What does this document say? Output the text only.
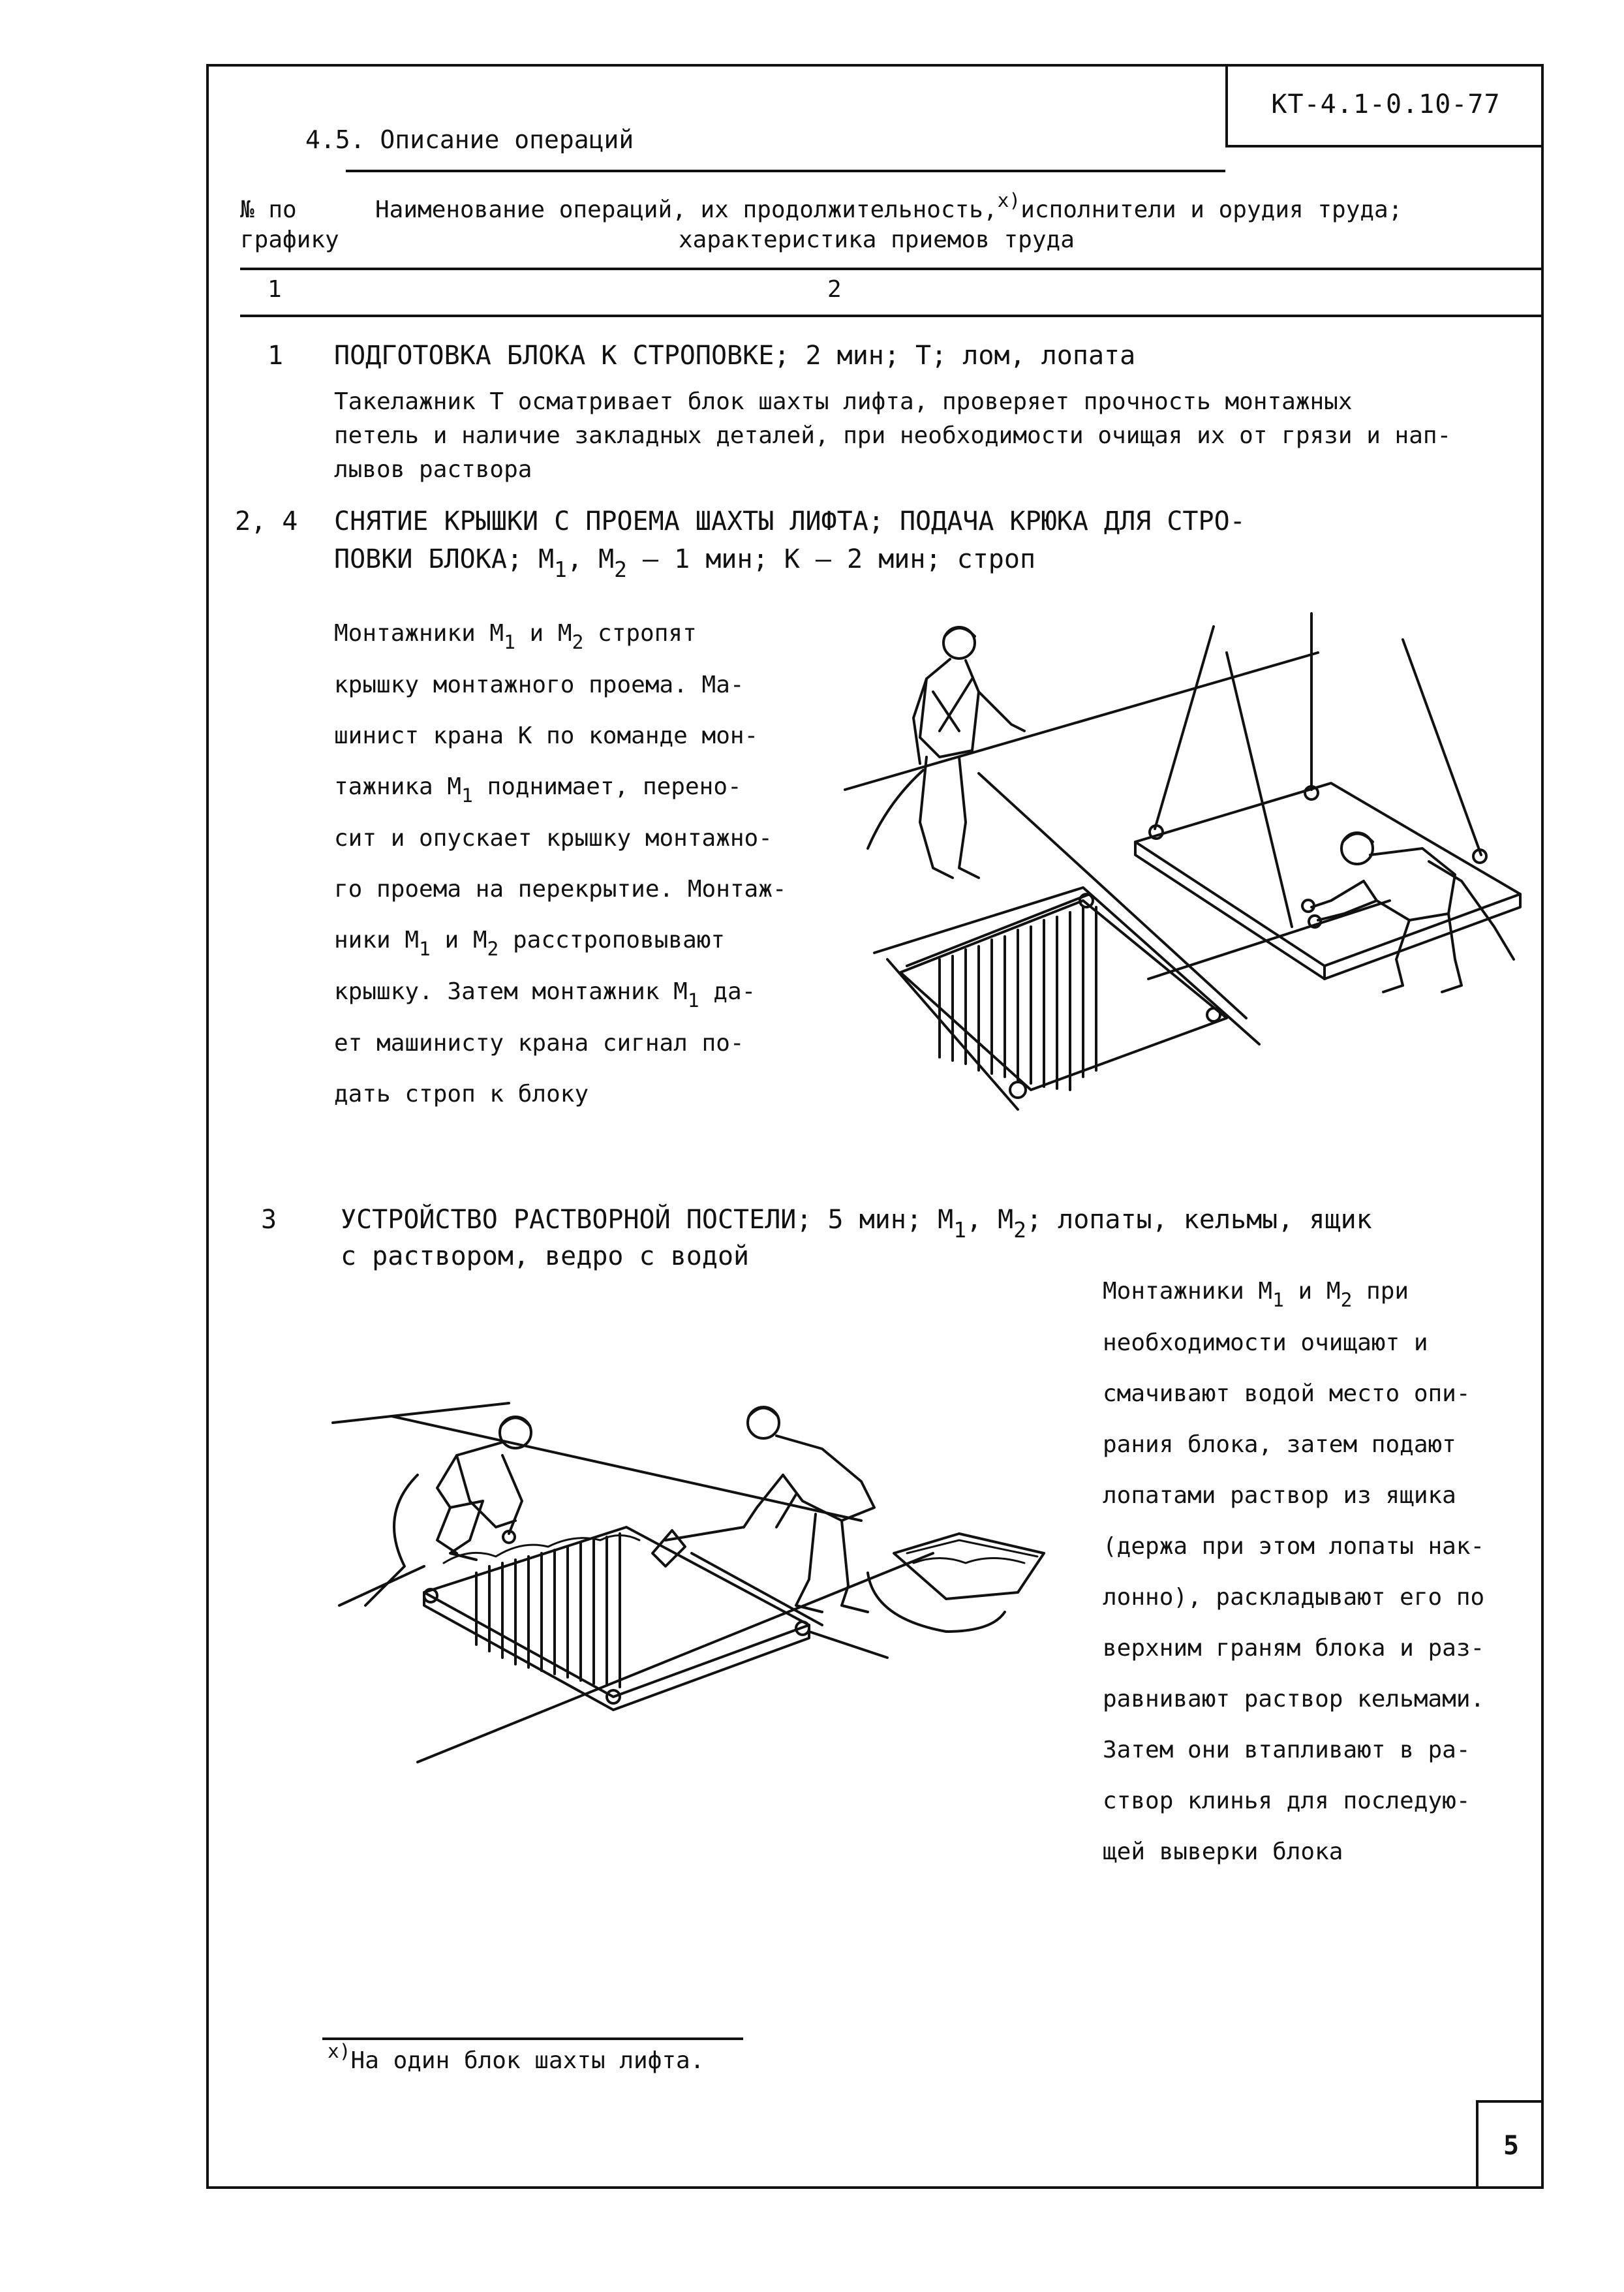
КТ-4.1-0.10-77
4.5. Описание операций
№ по
графику
Наименование операций, их продолжительность,$^{х)}$исполнители и орудия труда;
характеристика приемов труда
1	2
1 ПОДГОТОВКА БЛОКА К СТРОПОВКЕ; 2 мин; Т; лом, лопата
Такелажник Т осматривает блок шахты лифта, проверяет прочность монтажных
петель и наличие закладных деталей, при необходимости очищая их от грязи и нап-
лывов раствора
2, 4 СНЯТИЕ КРЫШКИ С ПРОЕМА ШАХТЫ ЛИФТА; ПОДАЧА КРЮКА ДЛЯ СТРО-
ПОВКИ БЛОКА; $М_1$, $М_2 - 1$ мин; К – 2 мин; строп
Монтажники $М_1$ и $М_2$ стропят
крышку монтажного проема. Ма-
шинист крана К по команде мон-
тажника $М_1$ поднимает, перено-
сит и опускает крышку монтажно-
го проема на перекрытие. Монтаж-
ники $М_1$ и $М_2$ расстроповывают
крышку. Затем монтажник $М_1$ да-
ет машинисту крана сигнал по-
дать строп к блоку
3 УСТРОЙСТВО РАСТВОРНОЙ ПОСТЕЛИ; 5 мин; $М_1$, $М_2$; лопаты, кельмы, ящик
с раствором, ведро с водой
Монтажники $М_1$ и $М_2$ при
необходимости очищают и
смачивают водой место опи-
рания блока, затем подают
лопатами раствор из ящика
(держа при этом лопаты нак-
лонно), раскладывают его по
верхним граням блока и раз-
равнивают раствор кельмами.
Затем они втапливают в ра-
створ клинья для последую-
щей выверки блока
$^{х)}$На один блок шахты лифта.
5
